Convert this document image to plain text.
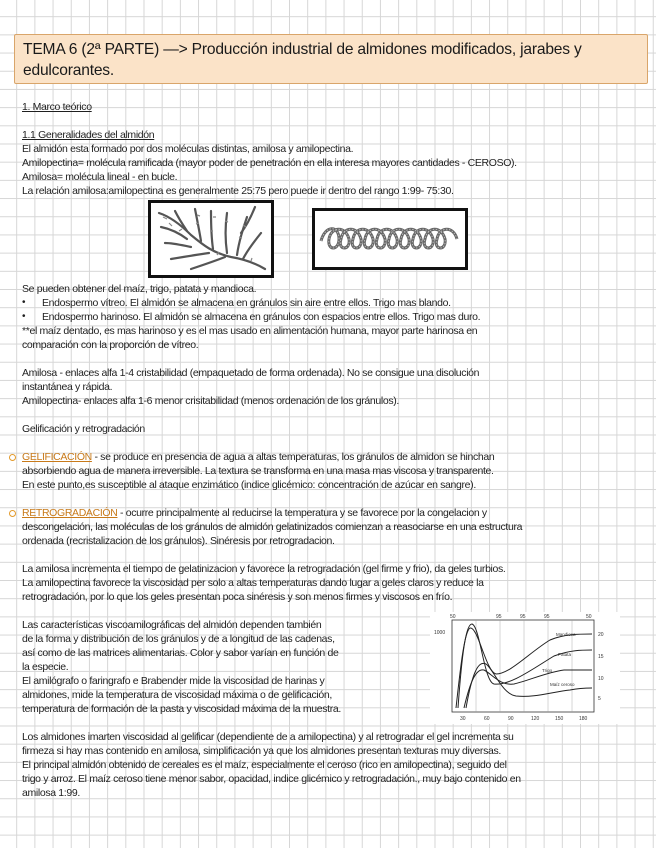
TEMA 6 (2ª PARTE) —> Producción industrial de almidones modificados, jarabes y edulcorantes.
1. Marco teórico
1.1 Generalidades del almidón
El almidón esta formado por dos moléculas distintas, amilosa y amilopectina.
Amilopectina= molécula ramificada (mayor poder de penetración en ella interesa mayores cantidades - CEROSO).
Amilosa= molécula lineal - en bucle.
La relación amilosa:amilopectina es generalmente 25:75 pero puede ir dentro del rango 1:99- 75:30.
Se pueden obtener del maíz, trigo, patata y mandioca.
• Endospermo vítreo. El almidón se almacena en gránulos sin aire entre ellos. Trigo mas blando.
• Endospermo harinoso. El almidón se almacena en gránulos con espacios entre ellos. Trigo mas duro.
**el maíz dentado, es mas harinoso y es el mas usado en alimentación humana, mayor parte harinosa en
comparación con la proporción de vítreo.
Amilosa - enlaces alfa 1-4 cristabilidad (empaquetado de forma ordenada). No se consigue una disolución
instantánea y rápida.
Amilopectina- enlaces alfa 1-6 menor crisitabilidad (menos ordenación de los gránulos).
Gelificación y retrogradación
GELIFICACIÓN - se produce en presencia de agua a altas temperaturas, los gránulos de almidon se hinchan
absorbiendo agua de manera irreversible. La textura se transforma en una masa mas viscosa y transparente.
En este punto,es susceptible al ataque enzimático (indice glicémico: concentración de azúcar en sangre).
RETROGRADACIÓN - ocurre principalmente al reducirse la temperatura y se favorece por la congelacion y
descongelación, las moléculas de los gránulos de almidón gelatinizados comienzan a reasociarse en una estructura
ordenada (recristalizacion de los gránulos). Sinéresis por retrogradacion.
La amilosa incrementa el tiempo de gelatinizacion y favorece la retrogradación (gel firme y frio), da geles turbios.
La amilopectina favorece la viscosidad per solo a altas temperaturas dando lugar a geles claros y reduce la
retrogradación, por lo que los geles presentan poca sinéresis y son menos firmes y viscosos en frío.
Las características viscoamilográficas del almidón dependen también
de la forma y distribución de los gránulos y de a longitud de las cadenas,
así como de las matrices alimentarias. Color y sabor varían en función de
la especie.
El amilógrafo o faringrafo e Brabender mide la viscosidad de harinas y
almidones, mide la temperatura de viscosidad máxima o de gelificación,
temperatura de formación de la pasta y viscosidad máxima de la muestra.
50	95	95	95	50
1000	20
15
10
5
30	60	90	120	150	180
Mandioca
Patata
Trigo
Maíz ceroso
Los almidones imarten viscosidad al gelificar (dependiente de a amilopectina) y al retrogradar el gel incrementa su
firmeza si hay mas contenido en amilosa, simplificación ya que los almidones presentan texturas muy diversas.
El principal almidón obtenido de cereales es el maíz, especialmente el ceroso (rico en amilopectina), seguido del
trigo y arroz. El maíz ceroso tiene menor sabor, opacidad, indice glicémico y retrogradación., muy bajo contenido en
amilosa 1:99.
